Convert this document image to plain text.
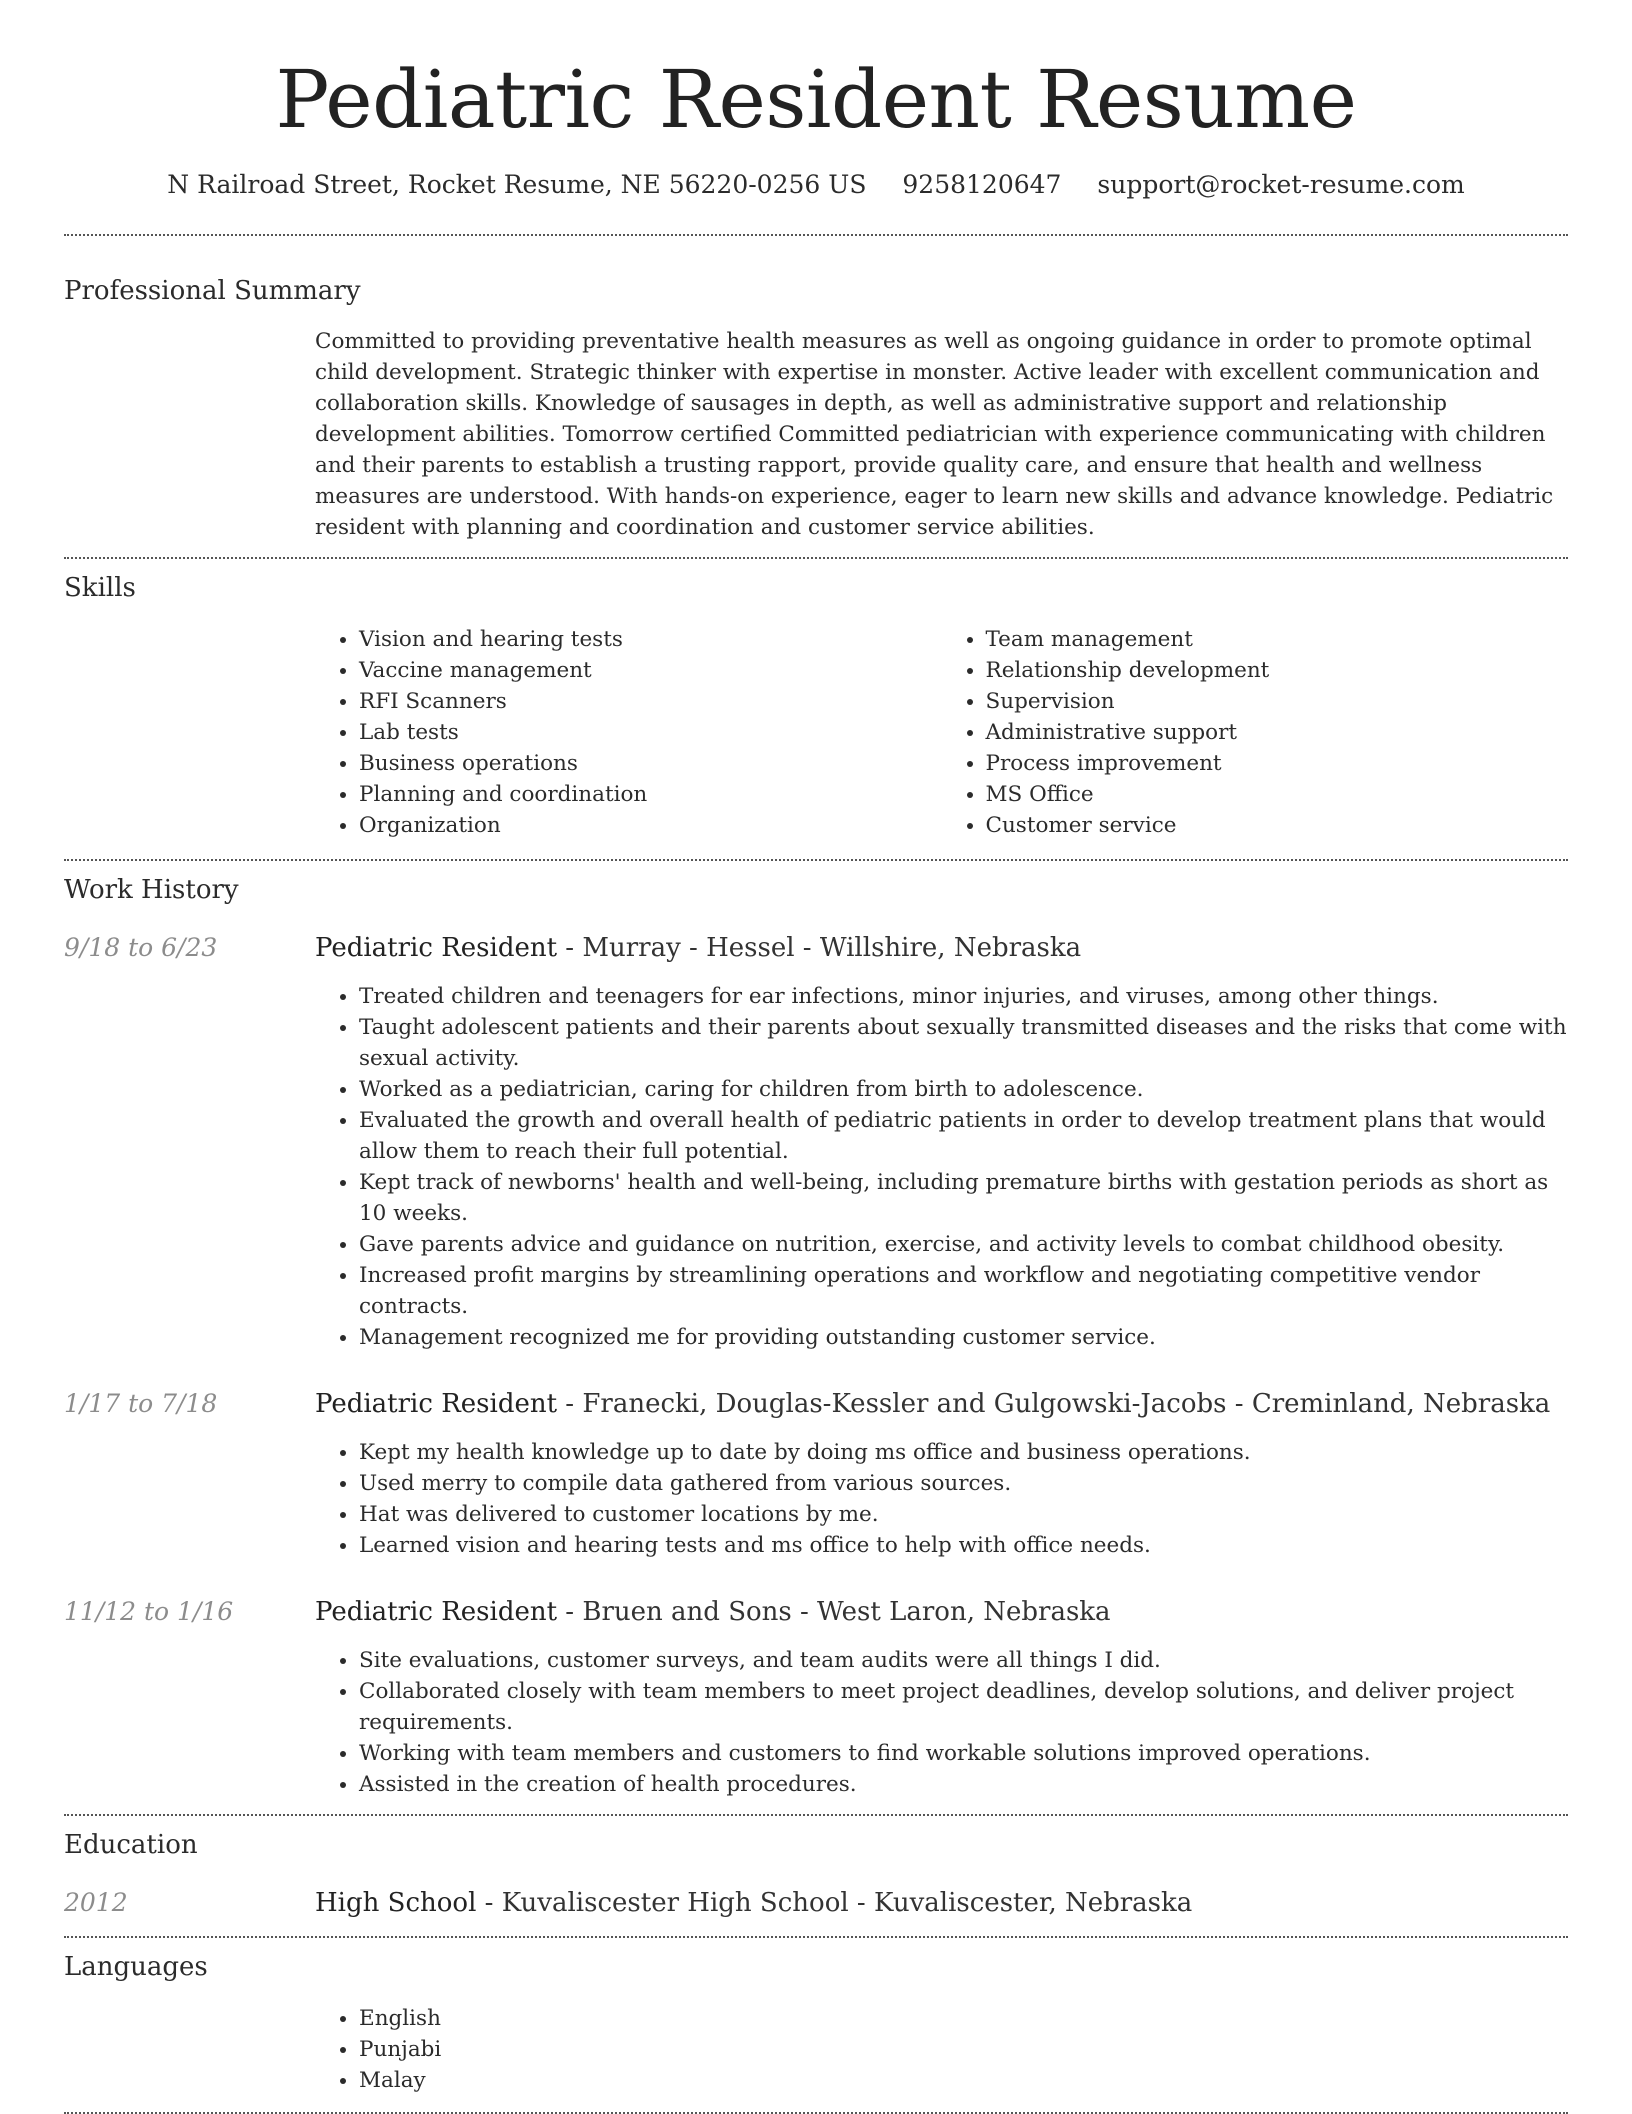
Pediatric Resident Resume
N Railroad Street, Rocket Resume, NE 56220-0256 US 9258120647 support@rocket-resume.com
Professional Summary

Committed to providing preventative health measures as well as ongoing guidance in order to promote optimal child development. Strategic thinker with expertise in monster. Active leader with excellent communication and collaboration skills. Knowledge of sausages in depth, as well as administrative support and relationship development abilities. Tomorrow certified Committed pediatrician with experience communicating with children and their parents to establish a trusting rapport, provide quality care, and ensure that health and wellness measures are understood. With hands-on experience, eager to learn new skills and advance knowledge. Pediatric resident with planning and coordination and customer service abilities.

Skills
• Vision and hearing tests
• Vaccine management
• RFI Scanners
• Lab tests
• Business operations
• Planning and coordination
• Organization
• Team management
• Relationship development
• Supervision
• Administrative support
• Process improvement
• MS Office
• Customer service
Work History
9/18 to 6/23	Pediatric Resident - Murray - Hessel - Willshire, Nebraska
• Treated children and teenagers for ear infections, minor injuries, and viruses, among other things.
• Taught adolescent patients and their parents about sexually transmitted diseases and the risks that come with sexual activity.
• Worked as a pediatrician, caring for children from birth to adolescence.
• Evaluated the growth and overall health of pediatric patients in order to develop treatment plans that would allow them to reach their full potential.
• Kept track of newborns' health and well-being, including premature births with gestation periods as short as 10 weeks.
• Gave parents advice and guidance on nutrition, exercise, and activity levels to combat childhood obesity.
• Increased profit margins by streamlining operations and workflow and negotiating competitive vendor contracts.
• Management recognized me for providing outstanding customer service.
1/17 to 7/18	Pediatric Resident - Franecki, Douglas-Kessler and Gulgowski-Jacobs - Creminland, Nebraska
• Kept my health knowledge up to date by doing ms office and business operations.
• Used merry to compile data gathered from various sources.
• Hat was delivered to customer locations by me.
• Learned vision and hearing tests and ms office to help with office needs.
11/12 to 1/16	Pediatric Resident - Bruen and Sons - West Laron, Nebraska
• Site evaluations, customer surveys, and team audits were all things I did.
• Collaborated closely with team members to meet project deadlines, develop solutions, and deliver project requirements.
• Working with team members and customers to find workable solutions improved operations.
• Assisted in the creation of health procedures.
Education
2012	High School - Kuvaliscester High School - Kuvaliscester, Nebraska
Languages
• English
• Punjabi
• Malay
